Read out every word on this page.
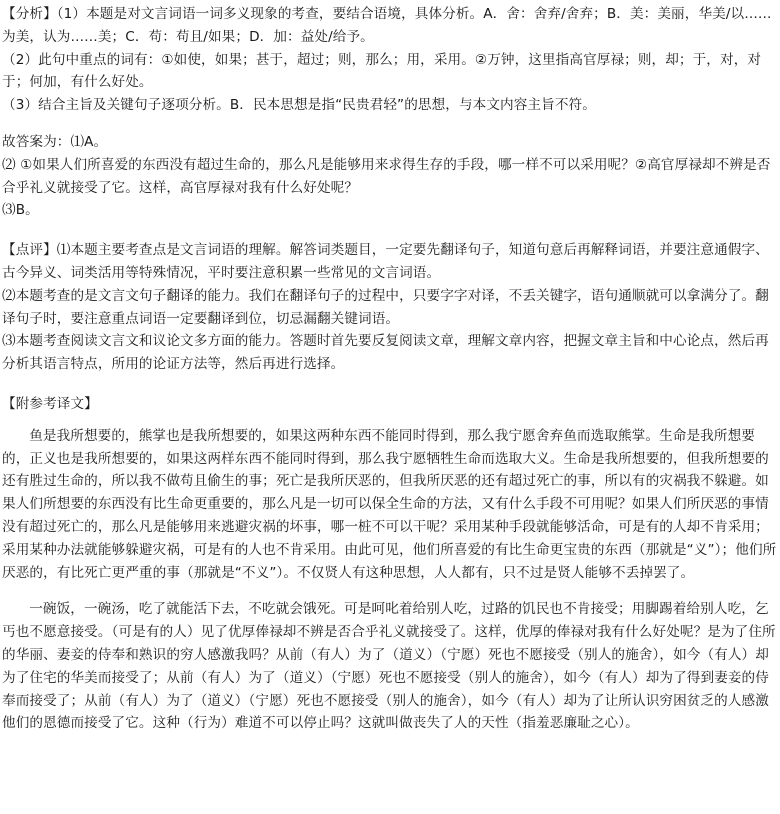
【分析】（1）本题是对文言词语一词多义现象的考查，要结合语境，具体分析。A．舍：舍弃/舍弃；B．美：美丽，华美/以……为美，认为……美；C．苟：苟且/如果；D．加：益处/给予。

（2）此句中重点的词有：①如使，如果；甚于，超过；则，那么；用，采用。②万钟，这里指高官厚禄；则，却；于，对，对于；何加，有什么好处。

（3）结合主旨及关键句子逐项分析。B．民本思想是指“民贵君轻”的思想，与本文内容主旨不符。

故答案为：⑴A。

⑵ ①如果人们所喜爱的东西没有超过生命的，那么凡是能够用来求得生存的手段，哪一样不可以采用呢？②高官厚禄却不辨是否合乎礼义就接受了它。这样，高官厚禄对我有什么好处呢？

⑶B。

【点评】⑴本题主要考查点是文言词语的理解。解答词类题目，一定要先翻译句子，知道句意后再解释词语，并要注意通假字、古今异义、词类活用等特殊情况，平时要注意积累一些常见的文言词语。

⑵本题考查的是文言文句子翻译的能力。我们在翻译句子的过程中，只要字字对译，不丢关键字，语句通顺就可以拿满分了。翻译句子时，要注意重点词语一定要翻译到位，切忌漏翻关键词语。

⑶本题考查阅读文言文和议论文多方面的能力。答题时首先要反复阅读文章，理解文章内容，把握文章主旨和中心论点，然后再分析其语言特点，所用的论证方法等，然后再进行选择。

【附参考译文】

鱼是我所想要的，熊掌也是我所想要的，如果这两种东西不能同时得到，那么我宁愿舍弃鱼而选取熊掌。生命是我所想要的，正义也是我所想要的，如果这两样东西不能同时得到，那么我宁愿牺牲生命而选取大义。生命是我所想要的，但我所想要的还有胜过生命的，所以我不做苟且偷生的事；死亡是我所厌恶的，但我所厌恶的还有超过死亡的事，所以有的灾祸我不躲避。如果人们所想要的东西没有比生命更重要的，那么凡是一切可以保全生命的方法，又有什么手段不可用呢？如果人们所厌恶的事情没有超过死亡的，那么凡是能够用来逃避灾祸的坏事，哪一桩不可以干呢？采用某种手段就能够活命，可是有的人却不肯采用；采用某种办法就能够躲避灾祸，可是有的人也不肯采用。由此可见，他们所喜爱的有比生命更宝贵的东西（那就是“义”）；他们所厌恶的，有比死亡更严重的事（那就是“不义”）。不仅贤人有这种思想，人人都有，只不过是贤人能够不丢掉罢了。

一碗饭，一碗汤，吃了就能活下去，不吃就会饿死。可是呵叱着给别人吃，过路的饥民也不肯接受；用脚踢着给别人吃，乞丐也不愿意接受。（可是有的人）见了优厚俸禄却不辨是否合乎礼义就接受了。这样，优厚的俸禄对我有什么好处呢？是为了住所的华丽、妻妾的侍奉和熟识的穷人感激我吗？从前（有人）为了（道义）（宁愿）死也不愿接受（别人的施舍），如今（有人）却为了住宅的华美而接受了；从前（有人）为了（道义）（宁愿）死也不愿接受（别人的施舍），如今（有人）却为了得到妻妾的侍奉而接受了；从前（有人）为了（道义）（宁愿）死也不愿接受（别人的施舍），如今（有人）却为了让所认识穷困贫乏的人感激他们的恩德而接受了它。这种（行为）难道不可以停止吗？这就叫做丧失了人的天性（指羞恶廉耻之心）。
